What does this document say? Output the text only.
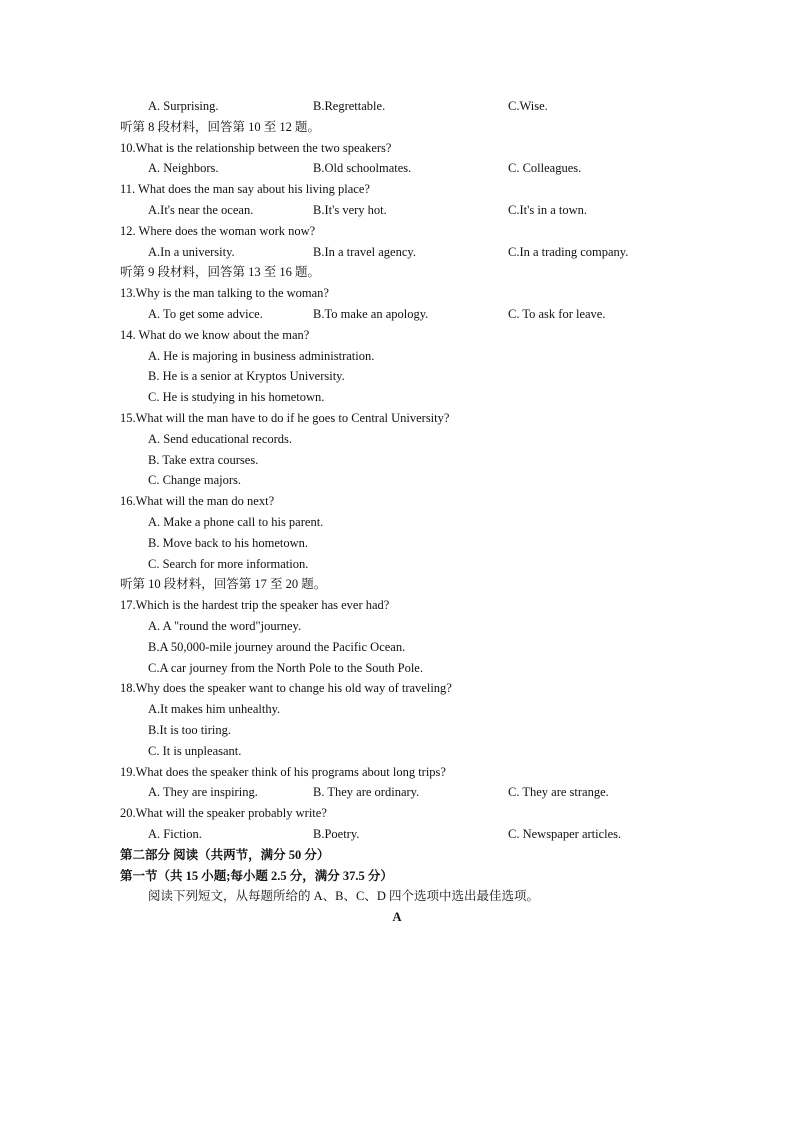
A. Surprising.	B.Regrettable.	C.Wise.
听第 8 段材料，回答第 10 至 12 题。
10.What is the relationship between the two speakers?
A. Neighbors.	B.Old schoolmates.	C. Colleagues.
11. What does the man say about his living place?
A.It's near the ocean.	B.It's very hot.	C.It's in a town.
12. Where does the woman work now?
A.In a university.	B.In a travel agency.	C.In a trading company.
听第 9 段材料，回答第 13 至 16 题。
13.Why is the man talking to the woman?
A. To get some advice.	B.To make an apology.	C. To ask for leave.
14. What do we know about the man?
A. He is majoring in business administration.
B. He is a senior at Kryptos University.
C. He is studying in his hometown.
15.What will the man have to do if he goes to Central University?
A. Send educational records.
B. Take extra courses.
C. Change majors.
16.What will the man do next?
A. Make a phone call to his parent.
B. Move back to his hometown.
C. Search for more information.
听第 10 段材料，回答第 17 至 20 题。
17.Which is the hardest trip the speaker has ever had?
A. A "round the word"journey.
B.A 50,000-mile journey around the Pacific Ocean.
C.A car journey from the North Pole to the South Pole.
18.Why does the speaker want to change his old way of traveling?
A.It makes him unhealthy.
B.It is too tiring.
C. It is unpleasant.
19.What does the speaker think of his programs about long trips?
A. They are inspiring.	B. They are ordinary.	C. They are strange.
20.What will the speaker probably write?
A. Fiction.	B.Poetry.	C. Newspaper articles.
第二部分 阅读（共两节，满分 50 分）
第一节（共 15 小题;每小题 2.5 分，满分 37.5 分）
阅读下列短文，从每题所给的 A、B、C、D 四个选项中选出最佳选项。
A
